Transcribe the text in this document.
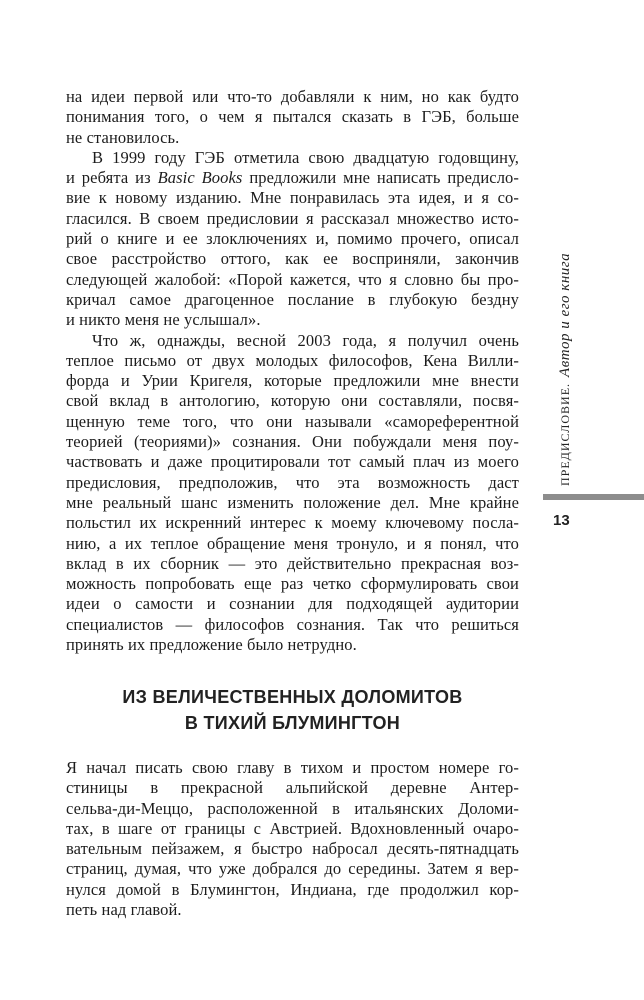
на идеи первой или что-то добавляли к ним, но как будто
понимания того, о чем я пытался сказать в ГЭБ, больше
не становилось.
В 1999 году ГЭБ отметила свою двадцатую годовщину,
и ребята из Basic Books предложили мне написать предисло-
вие к новому изданию. Мне понравилась эта идея, и я со-
гласился. В своем предисловии я рассказал множество исто-
рий о книге и ее злоключениях и, помимо прочего, описал
свое расстройство оттого, как ее восприняли, закончив
следующей жалобой: «Порой кажется, что я словно бы про-
кричал самое драгоценное послание в глубокую бездну
и никто меня не услышал».
Что ж, однажды, весной 2003 года, я получил очень
теплое письмо от двух молодых философов, Кена Вилли-
форда и Урии Кригеля, которые предложили мне внести
свой вклад в антологию, которую они составляли, посвя-
щенную теме того, что они называли «самореферентной
теорией (теориями)» сознания. Они побуждали меня поу-
частвовать и даже процитировали тот самый плач из моего
предисловия, предположив, что эта возможность даст
мне реальный шанс изменить положение дел. Мне крайне
польстил их искренний интерес к моему ключевому посла-
нию, а их теплое обращение меня тронуло, и я понял, что
вклад в их сборник — это действительно прекрасная воз-
можность попробовать еще раз четко сформулировать свои
идеи о самости и сознании для подходящей аудитории
специалистов — философов сознания. Так что решиться
принять их предложение было нетрудно.
ИЗ ВЕЛИЧЕСТВЕННЫХ ДОЛОМИТОВ
В ТИХИЙ БЛУМИНГТОН
Я начал писать свою главу в тихом и простом номере го-
стиницы в прекрасной альпийской деревне Антер-
сельва-ди-Меццо, расположенной в итальянских Доломи-
тах, в шаге от границы с Австрией. Вдохновленный очаро-
вательным пейзажем, я быстро набросал десять-пятнадцать
страниц, думая, что уже добрался до середины. Затем я вер-
нулся домой в Блумингтон, Индиана, где продолжил кор-
петь над главой.
ПРЕДИСЛОВИЕ.Автор и его книга
13
